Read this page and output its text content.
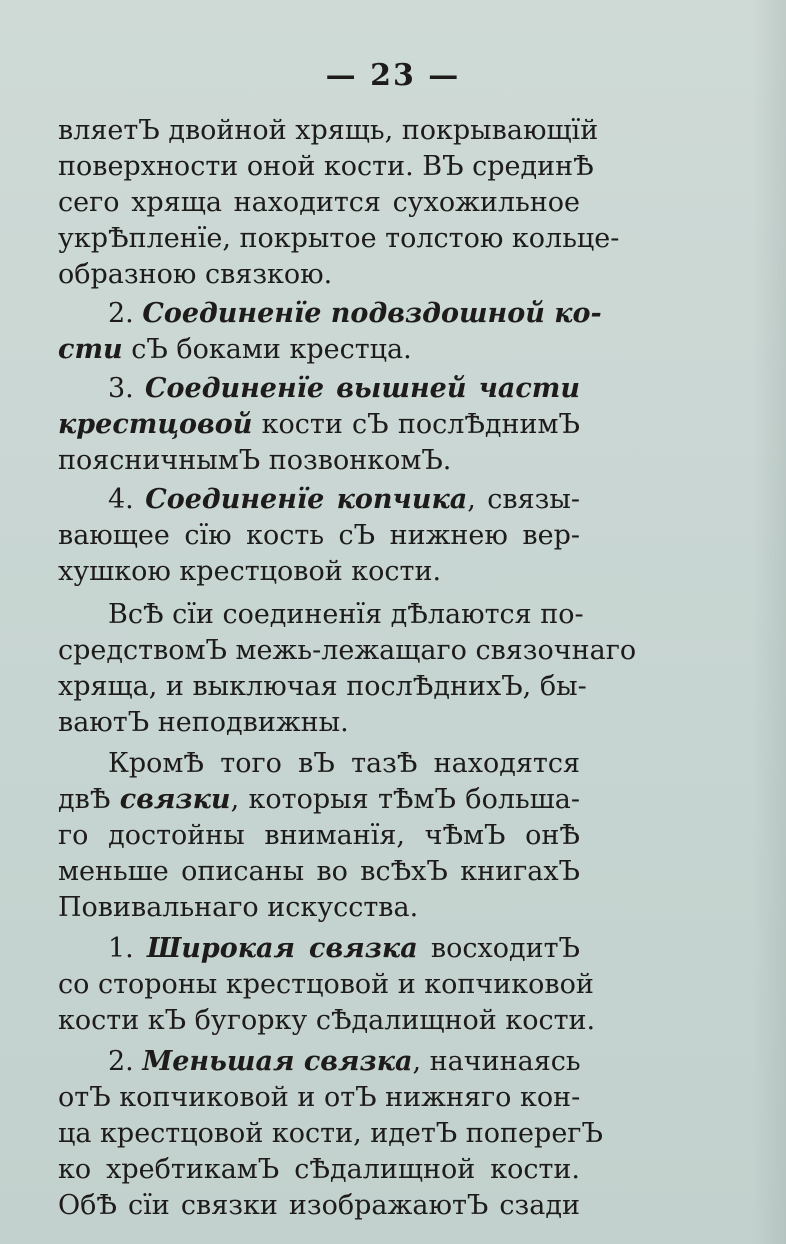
— 23 —
вляетЪ двойной хрящь, покрывающїй
поверхности оной кости. ВЪ срединѢ
сего хряща находится сухожильное
укрѢпленїе, покрытое толстою кольце-
образною связкою.
2. Соединенїе подвздошной ко-
сти сЪ боками крестца.
3. Соединенїе вышней части
крестцовой кости сЪ послѢднимЪ
поясничнымЪ позвонкомЪ.
4. Соединенїе копчика, связы-
вающее сїю кость сЪ нижнею вер-
хушкою крестцовой кости.
ВсѢ сїи соединенїя дѢлаются по-
средствомЪ межь-лежащаго связочнаго
хряща, и выключая послѢднихЪ, бы-
ваютЪ неподвижны.
КромѢ того вЪ тазѢ находятся
двѢ связки, которыя тѢмЪ большa-
го достойны вниманїя, чѢмЪ онѢ
меньше описаны во всѢхЪ книгахЪ
Повивальнаго искусства.
1. Широкая связка восходитЪ
со стороны крестцовой и копчиковой
кости кЪ бугорку сѢдалищной кости.
2. Меньшая связка, начинаясь
отЪ копчиковой и отЪ нижняго кон-
ца крестцовой кости, идетЪ поперегЪ
ко хребтикамЪ сѢдалищной кости.
ОбѢ сїи связки изображаютЪ сзади
